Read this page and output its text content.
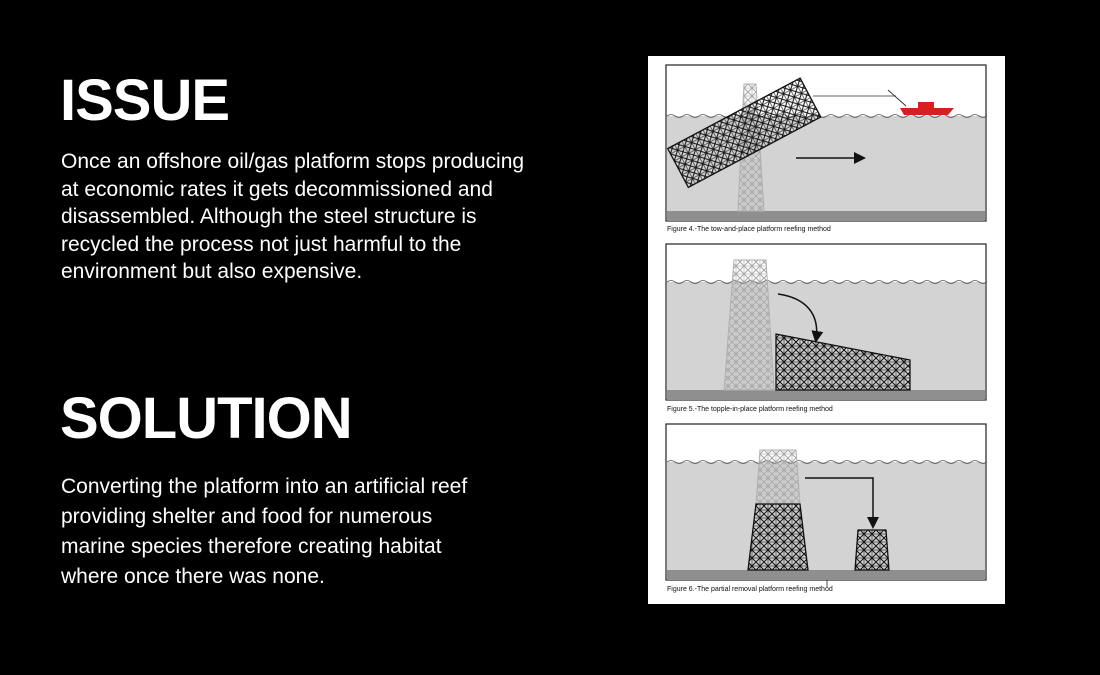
ISSUE

Once an offshore oil/gas platform stops producing at economic rates it gets decommissioned and disassembled. Although the steel structure is recycled the process not just harmful to the environment but also expensive.

SOLUTION

Converting the platform into an artificial reef providing shelter and food for numerous marine species therefore creating habitat where once there was none.

Figure 4.-The tow-and-place platform reefing method

Figure 5.-The topple-in-place platform reefing method

Figure 6.-The partial removal platform reefing method
